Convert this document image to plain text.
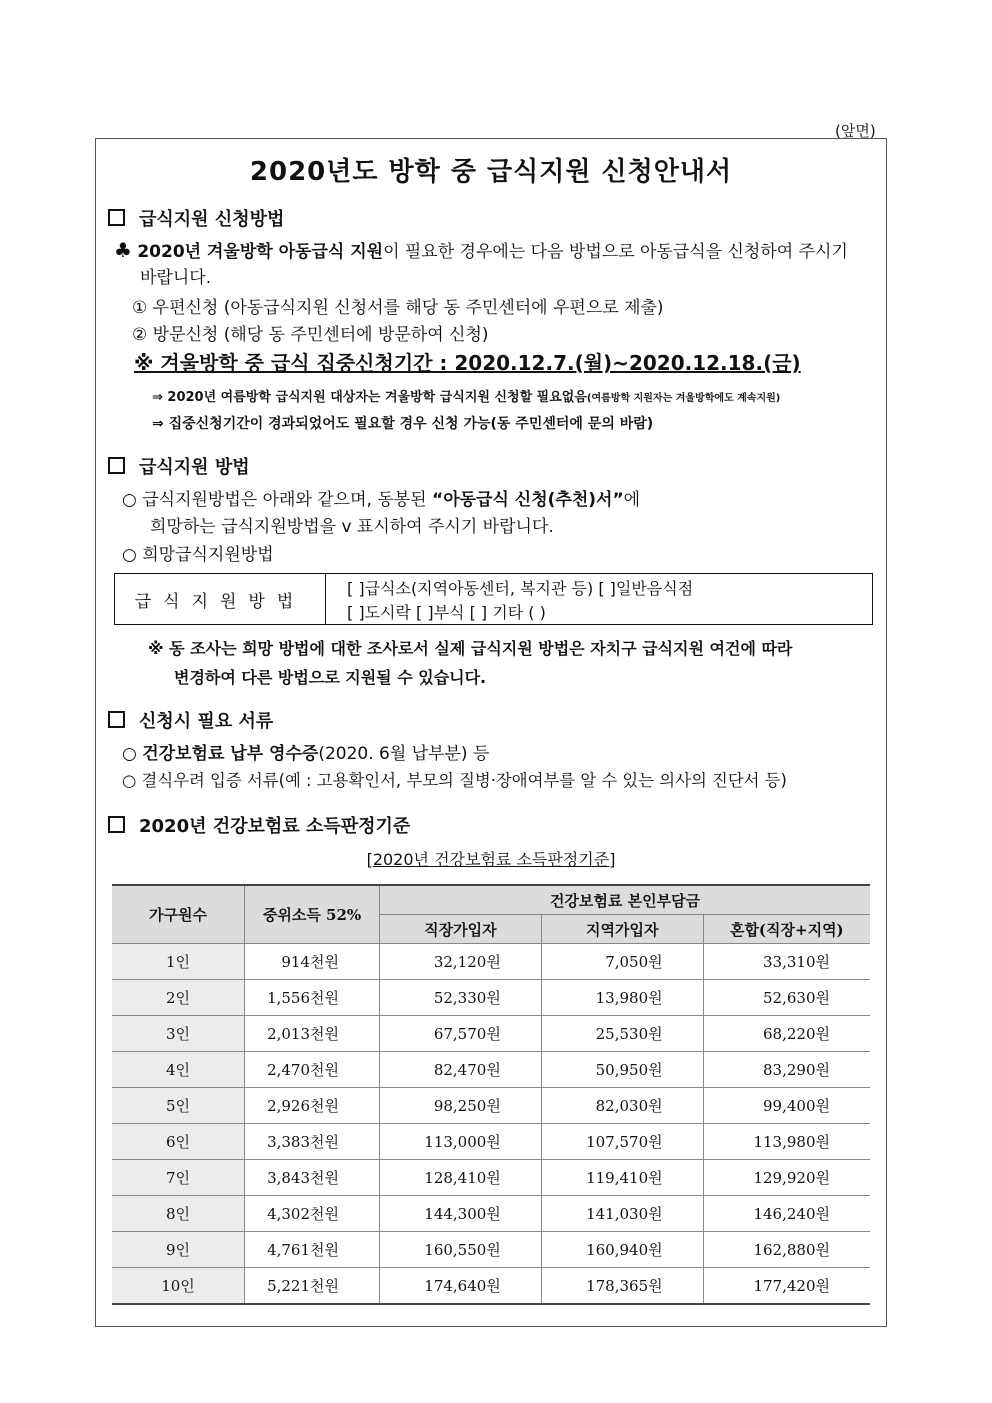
(앞면)
2020년도 방학 중 급식지원 신청안내서
급식지원 신청방법
♣ 2020년 겨울방학 아동급식 지원이 필요한 경우에는 다음 방법으로 아동급식을 신청하여 주시기
바랍니다.
① 우편신청 (아동급식지원 신청서를 해당 동 주민센터에 우편으로 제출)
② 방문신청 (해당 동 주민센터에 방문하여 신청)
※ 겨울방학 중 급식 집중신청기간 : 2020.12.7.(월)~2020.12.18.(금)
⇒ 2020년 여름방학 급식지원 대상자는 겨울방학 급식지원 신청할 필요없음(여름방학 지원자는 겨울방학에도 계속지원)
⇒ 집중신청기간이 경과되었어도 필요할 경우 신청 가능(동 주민센터에 문의 바람)
급식지원 방법
○ 급식지원방법은 아래와 같으며, 동봉된 “아동급식 신청(추천)서”에
희망하는 급식지원방법을 v 표시하여 주시기 바랍니다.
○ 희망급식지원방법
급식지원방법
[ ]급식소(지역아동센터, 복지관 등) [ ]일반음식점
[ ]도시락 [ ]부식 [ ] 기타 ( )
※ 동 조사는 희망 방법에 대한 조사로서 실제 급식지원 방법은 자치구 급식지원 여건에 따라
변경하여 다른 방법으로 지원될 수 있습니다.
신청시 필요 서류
○ 건강보험료 납부 영수증(2020. 6월 납부분) 등
○ 결식우려 입증 서류(예 : 고용확인서, 부모의 질병·장애여부를 알 수 있는 의사의 진단서 등)
2020년 건강보험료 소득판정기준
[2020년 건강보험료 소득판정기준]
가구원수	중위소득 52%	건강보험료 본인부담금		
		직장가입자	지역가입자	혼합(직장+지역)
1인	914천원	32,120원	7,050원	33,310원
2인	1,556천원	52,330원	13,980원	52,630원
3인	2,013천원	67,570원	25,530원	68,220원
4인	2,470천원	82,470원	50,950원	83,290원
5인	2,926천원	98,250원	82,030원	99,400원
6인	3,383천원	113,000원	107,570원	113,980원
7인	3,843천원	128,410원	119,410원	129,920원
8인	4,302천원	144,300원	141,030원	146,240원
9인	4,761천원	160,550원	160,940원	162,880원
10인	5,221천원	174,640원	178,365원	177,420원
